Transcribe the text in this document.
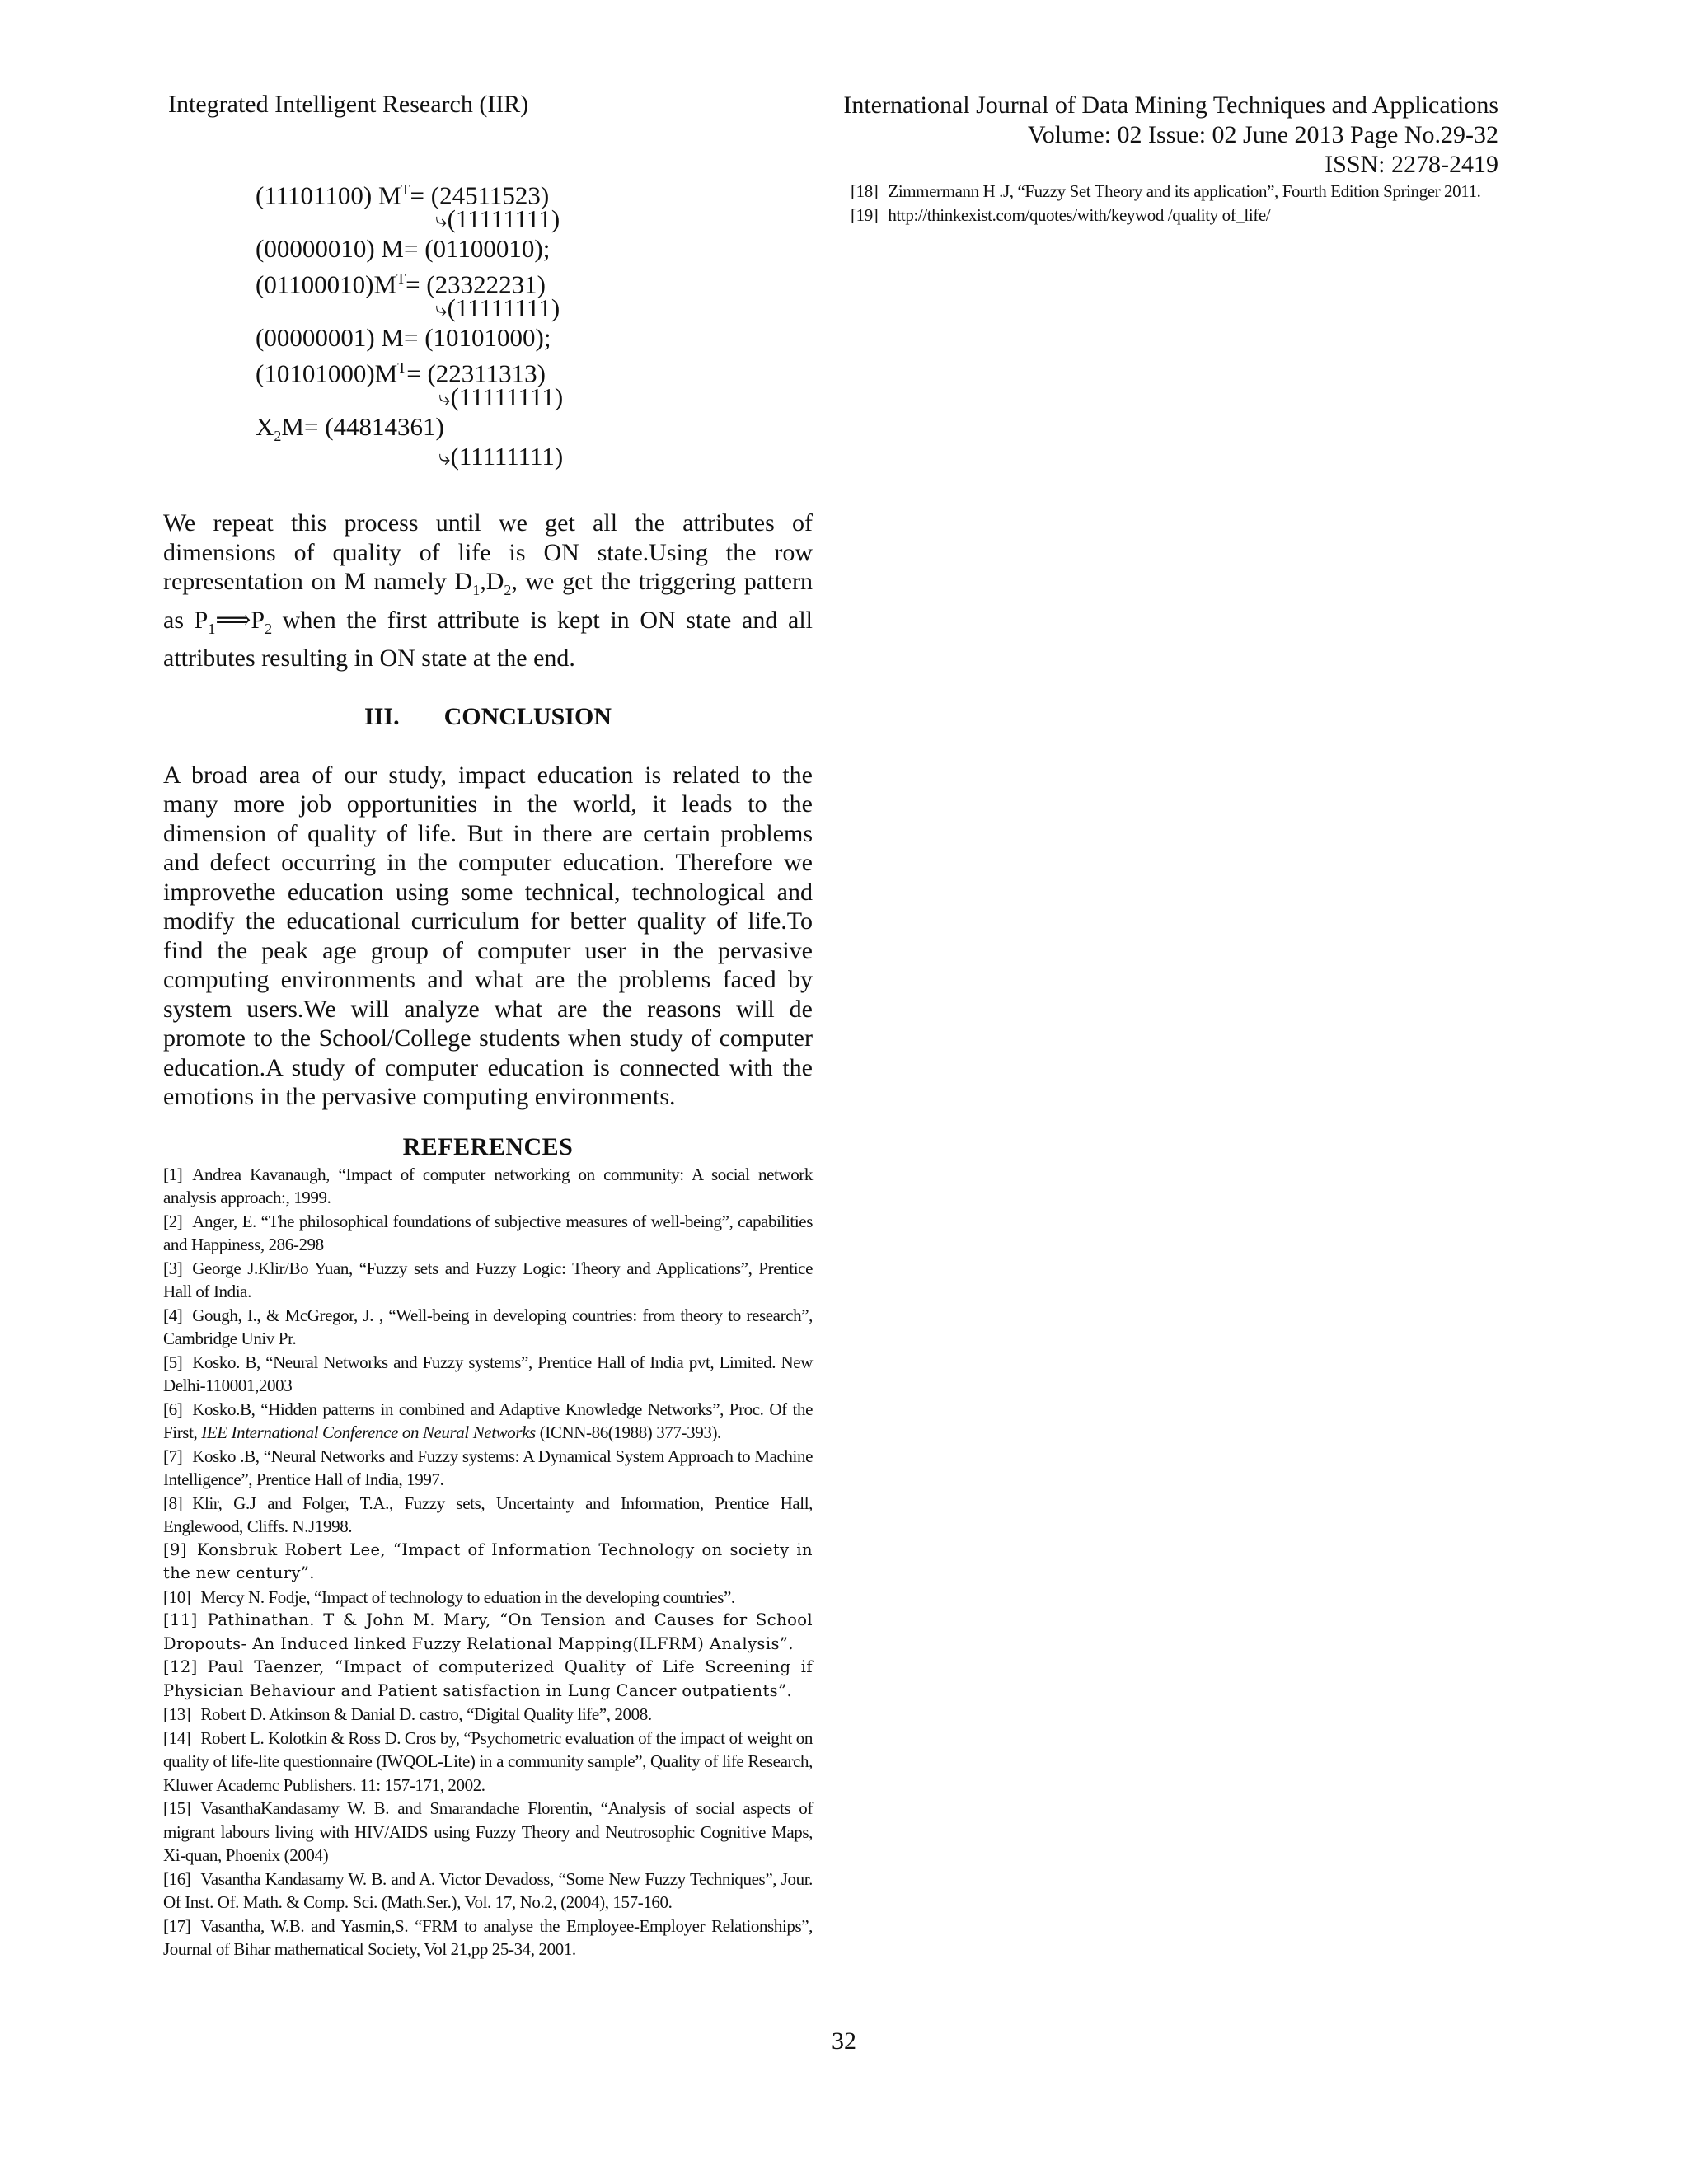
Integrated Intelligent Research (IIR)	International Journal of Data Mining Techniques and Applications
Volume: 02 Issue: 02 June 2013 Page No.29-32
ISSN: 2278-2419
(11101100) $M^T= (24511523)$
⤷(11111111)
(00000010) M= (01100010);
$(01100010)M^T= (23322231)$
⤷(11111111)
(00000001) M= (10101000);
$(10101000)M^T= (22311313)$
⤷(11111111)
$X_2M= (44814361)$
⤷(11111111)

We repeat this process until we get all the attributes of dimensions of quality of life is ON state.Using the row representation on M namely $D_1,D_2$, we get the triggering pattern as $P_1⟹P_2$ when the first attribute is kept in ON state and all attributes resulting in ON state at the end.

III. CONCLUSION

A broad area of our study, impact education is related to the many more job opportunities in the world, it leads to the dimension of quality of life. But in there are certain problems and defect occurring in the computer education. Therefore we improvethe education using some technical, technological and modify the educational curriculum for better quality of life.To find the peak age group of computer user in the pervasive computing environments and what are the problems faced by system users.We will analyze what are the reasons will de promote to the School/College students when study of computer education.A study of computer education is connected with the emotions in the pervasive computing environments.

REFERENCES

[1] Andrea Kavanaugh, “Impact of computer networking on community: A social network analysis approach:, 1999.

[2] Anger, E. “The philosophical foundations of subjective measures of well-being”, capabilities and Happiness, 286-298

[3] George J.Klir/Bo Yuan, “Fuzzy sets and Fuzzy Logic: Theory and Applications”, Prentice Hall of India.

[4] Gough, I., & McGregor, J. , “Well-being in developing countries: from theory to research”, Cambridge Univ Pr.

[5] Kosko. B, “Neural Networks and Fuzzy systems”, Prentice Hall of India pvt, Limited. New Delhi-110001,2003

[6] Kosko.B, “Hidden patterns in combined and Adaptive Knowledge Networks”, Proc. Of the First, IEE International Conference on Neural Networks (ICNN-86(1988) 377-393).

[7] Kosko .B, “Neural Networks and Fuzzy systems: A Dynamical System Approach to Machine Intelligence”, Prentice Hall of India, 1997.

[8] Klir, G.J and Folger, T.A., Fuzzy sets, Uncertainty and Information, Prentice Hall, Englewood, Cliffs. N.J1998.

[9] Konsbruk Robert Lee, “Impact of Information Technology on society in the new century”.

[10] Mercy N. Fodje, “Impact of technology to eduation in the developing countries”.

[11] Pathinathan. T & John M. Mary, “On Tension and Causes for School Dropouts- An Induced linked Fuzzy Relational Mapping(ILFRM) Analysis”.

[12] Paul Taenzer, “Impact of computerized Quality of Life Screening if Physician Behaviour and Patient satisfaction in Lung Cancer outpatients”.

[13] Robert D. Atkinson & Danial D. castro, “Digital Quality life”, 2008.

[14] Robert L. Kolotkin & Ross D. Cros by, “Psychometric evaluation of the impact of weight on quality of life-lite questionnaire (IWQOL-Lite) in a community sample”, Quality of life Research, Kluwer Academc Publishers. 11: 157-171, 2002.

[15] VasanthaKandasamy W. B. and Smarandache Florentin, “Analysis of social aspects of migrant labours living with HIV/AIDS using Fuzzy Theory and Neutrosophic Cognitive Maps, Xi-quan, Phoenix (2004)

[16] Vasantha Kandasamy W. B. and A. Victor Devadoss, “Some New Fuzzy Techniques”, Jour. Of Inst. Of. Math. & Comp. Sci. (Math.Ser.), Vol. 17, No.2, (2004), 157-160.

[17] Vasantha, W.B. and Yasmin,S. “FRM to analyse the Employee-Employer Relationships”, Journal of Bihar mathematical Society, Vol 21,pp 25-34, 2001.

[18] Zimmermann H .J, “Fuzzy Set Theory and its application”, Fourth Edition Springer 2011.

[19] http://thinkexist.com/quotes/with/keywod /quality of_life/

32
